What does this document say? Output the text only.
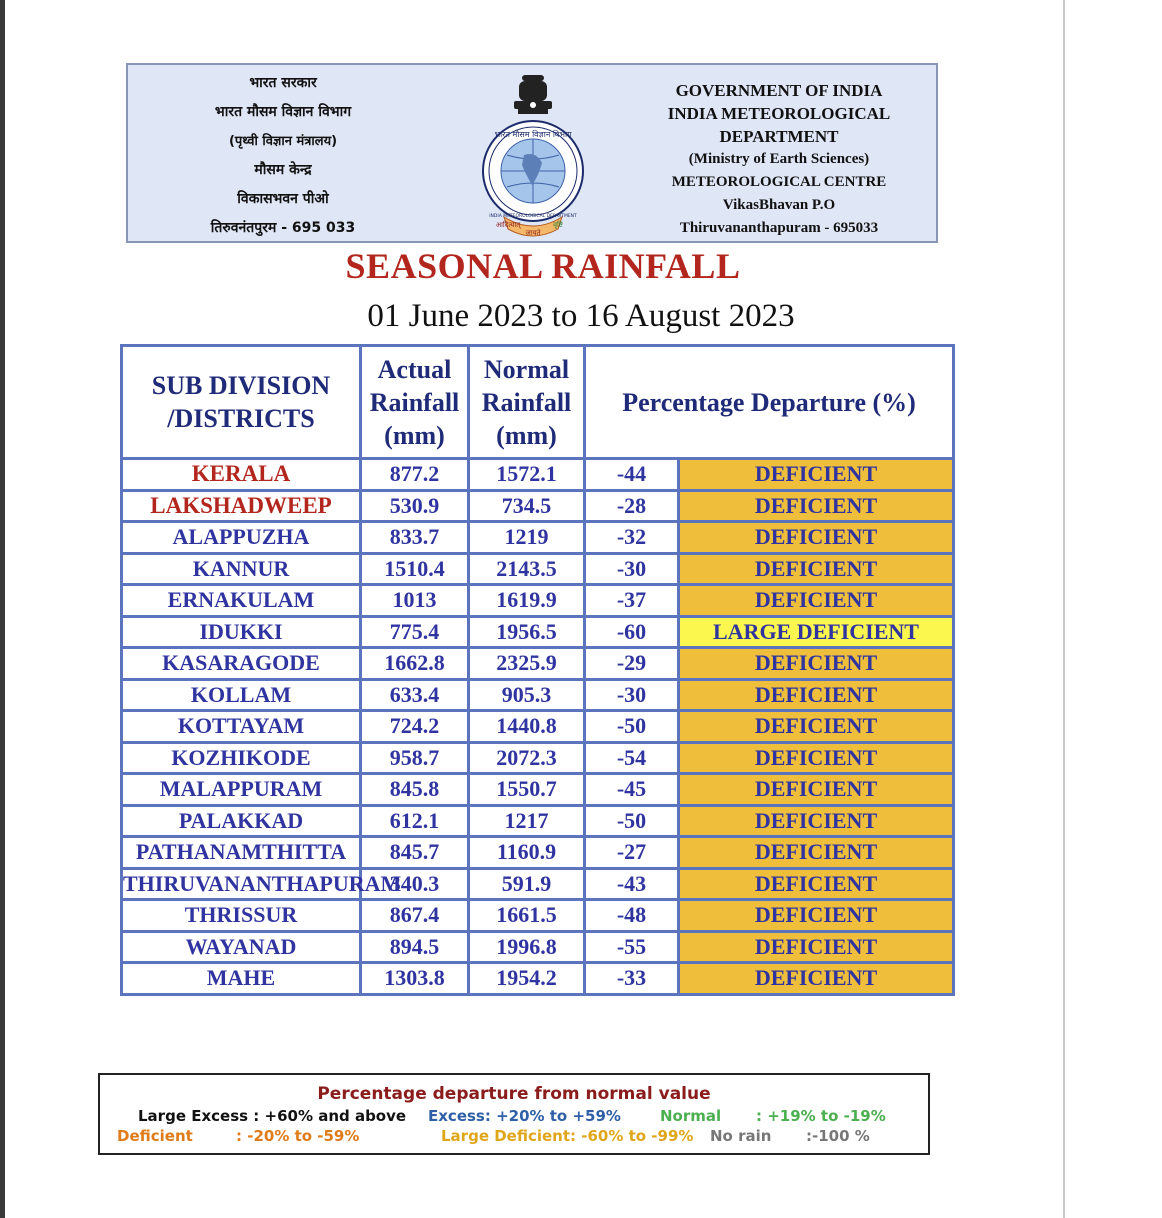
भारत सरकार
भारत मौसम विज्ञान विभाग
(पृथ्वी विज्ञान मंत्रालय)
मौसम केन्द्र
विकासभवन पीओ
तिरुवनंतपुरम - 695 033
भारत मौसम विज्ञान विभाग
INDIA METEOROLOGICAL DEPARTMENT
आदित्यात्
जायते
वृष्टि
GOVERNMENT OF INDIA
INDIA METEOROLOGICAL
DEPARTMENT
(Ministry of Earth Sciences)
METEOROLOGICAL CENTRE
VikasBhavan P.O
Thiruvananthapuram - 695033
SEASONAL RAINFALL
01 June 2023 to 16 August 2023
SUB DIVISION /DISTRICTS	Actual Rainfall (mm)	Normal Rainfall (mm)	Percentage Departure (%)	
KERALA	877.2	1572.1	-44	DEFICIENT
LAKSHADWEEP	530.9	734.5	-28	DEFICIENT
ALAPPUZHA	833.7	1219	-32	DEFICIENT
KANNUR	1510.4	2143.5	-30	DEFICIENT
ERNAKULAM	1013	1619.9	-37	DEFICIENT
IDUKKI	775.4	1956.5	-60	LARGE DEFICIENT
KASARAGODE	1662.8	2325.9	-29	DEFICIENT
KOLLAM	633.4	905.3	-30	DEFICIENT
KOTTAYAM	724.2	1440.8	-50	DEFICIENT
KOZHIKODE	958.7	2072.3	-54	DEFICIENT
MALAPPURAM	845.8	1550.7	-45	DEFICIENT
PALAKKAD	612.1	1217	-50	DEFICIENT
PATHANAMTHITTA	845.7	1160.9	-27	DEFICIENT
THIRUVANANTHAPURAM	340.3	591.9	-43	DEFICIENT
THRISSUR	867.4	1661.5	-48	DEFICIENT
WAYANAD	894.5	1996.8	-55	DEFICIENT
MAHE	1303.8	1954.2	-33	DEFICIENT
Percentage departure from normal value
Large Excess : +60% and above Excess: +20% to +59%	Normal : +19% to -19%
Deficient	: -20% to -59%	Large Deficient: -60% to -99% No rain :-100 %
